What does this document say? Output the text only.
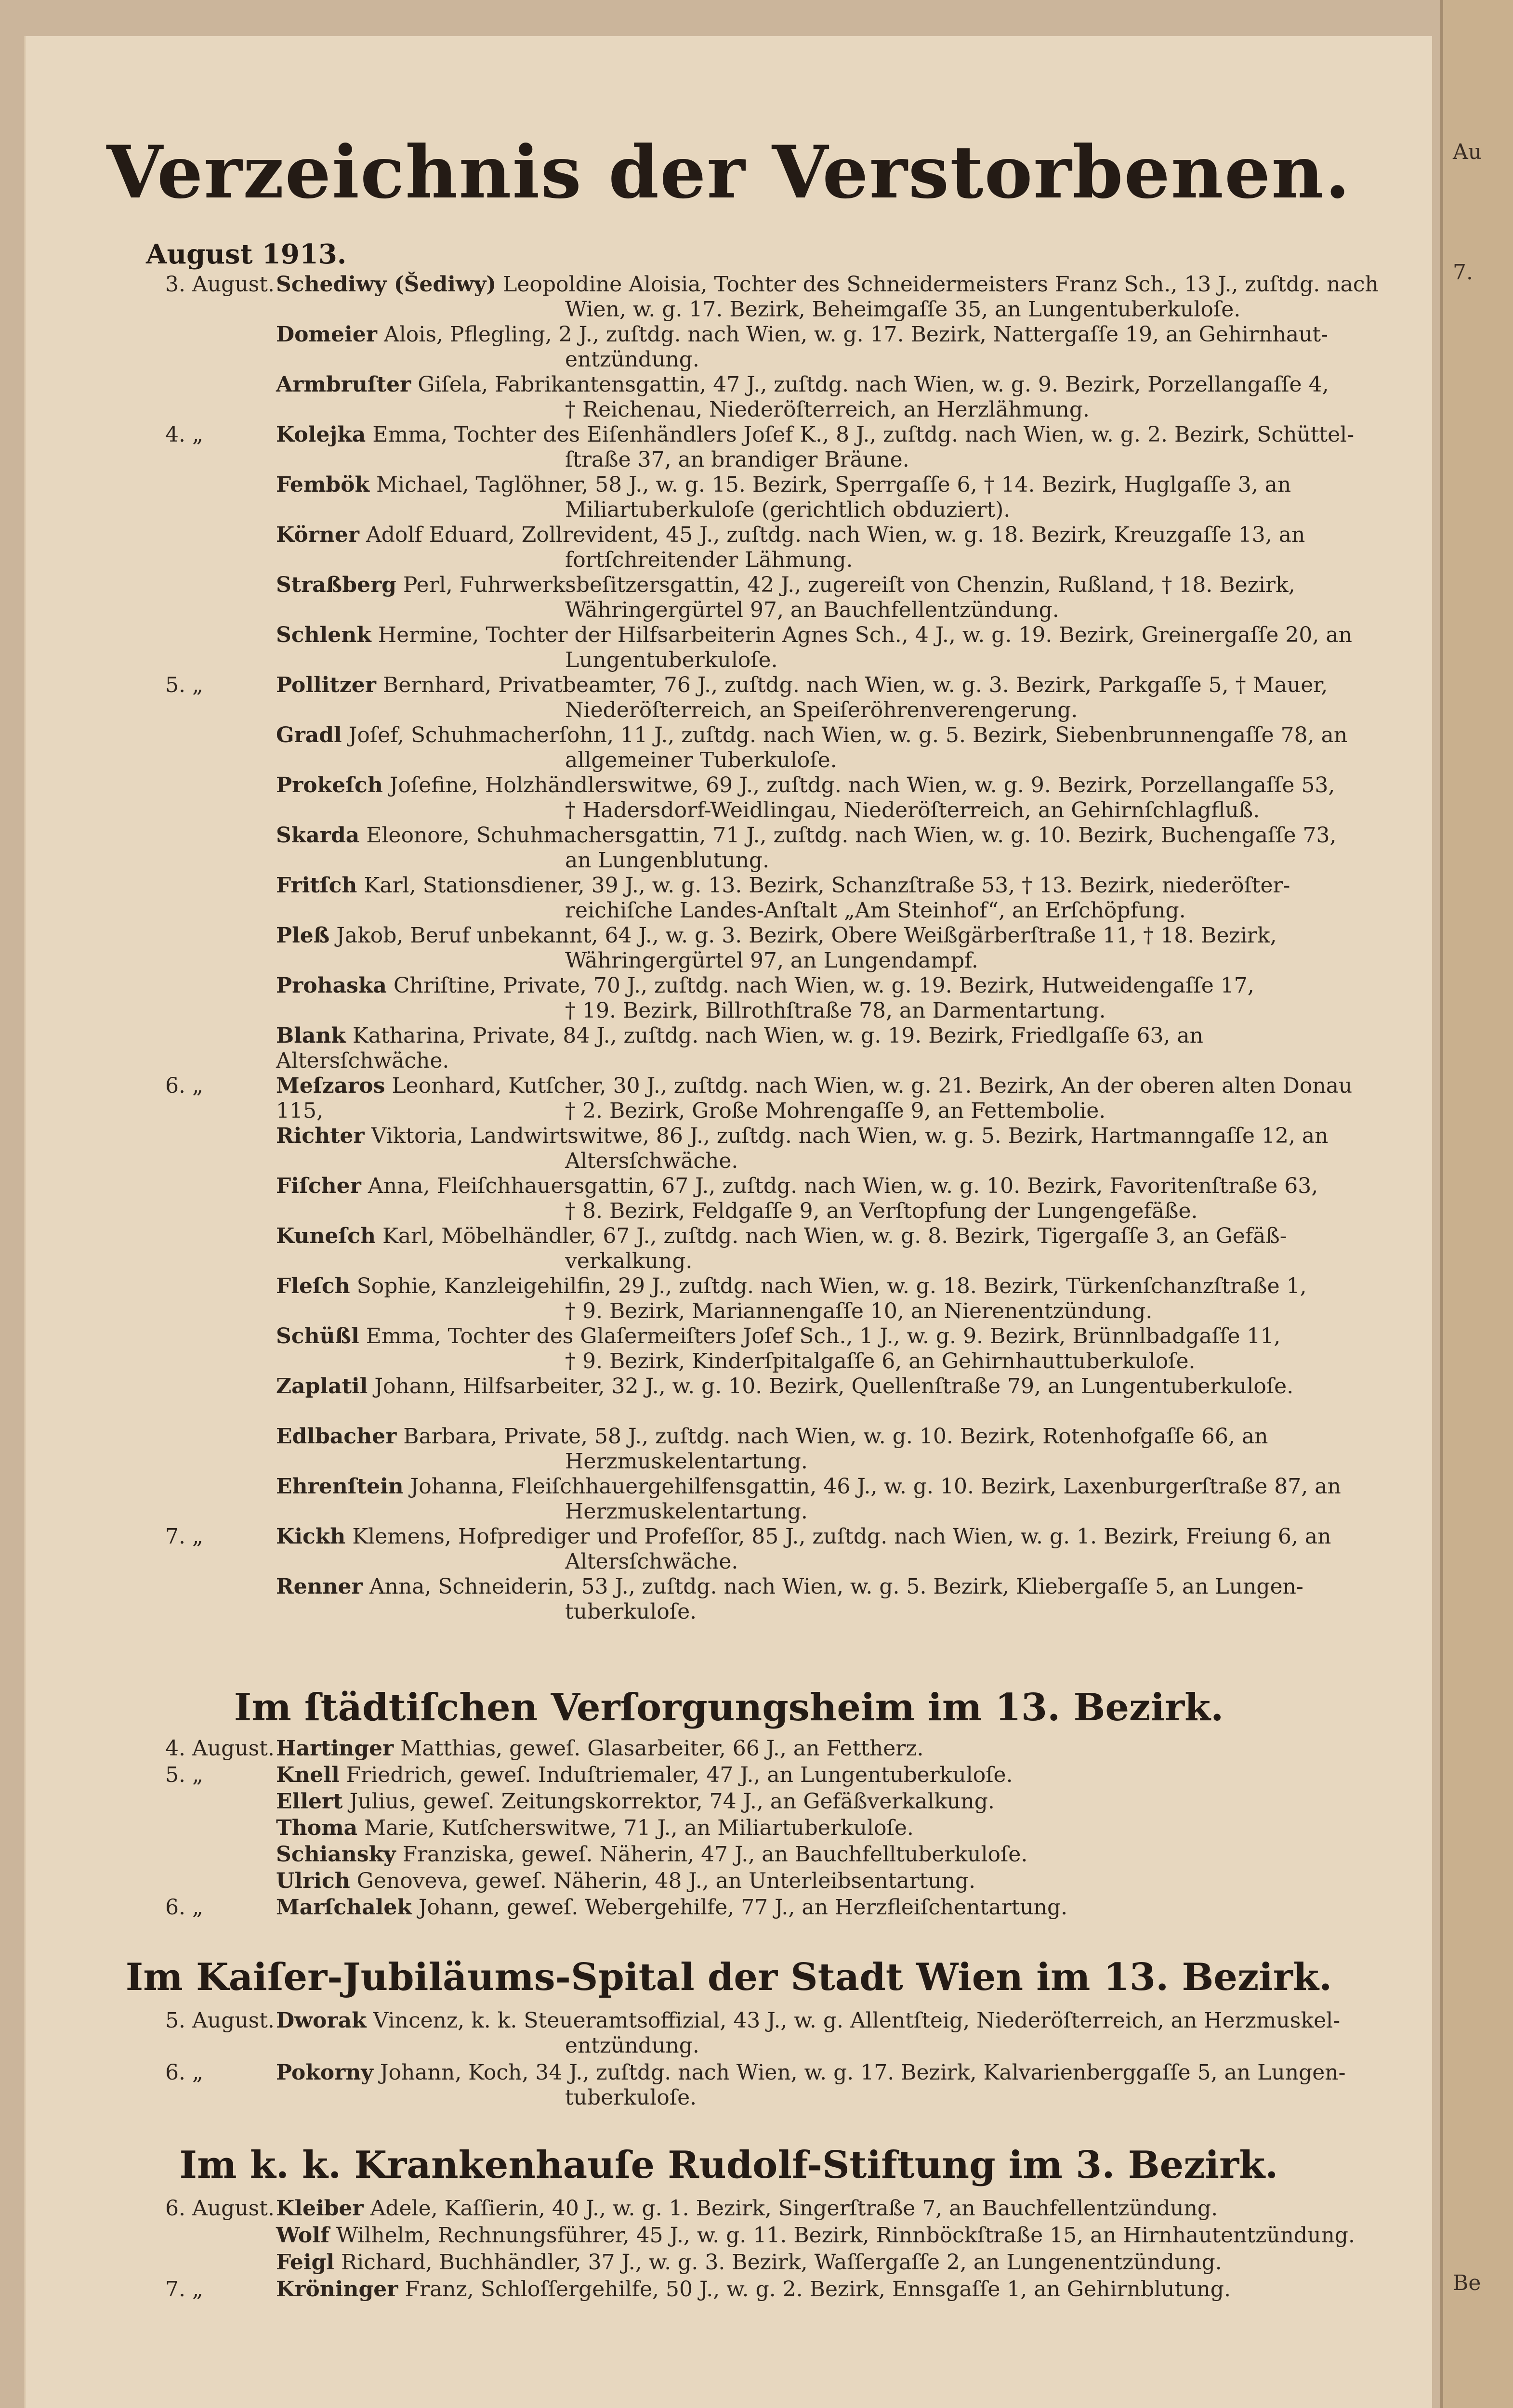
Au
7.
Be
Verzeichnis der Verstorbenen.
August 1913.
3. August. Schediwy (Šediwy) Leopoldine Aloisia, Tochter des Schneidermeisters Franz Sch., 13 J., zuſtdg. nach
Wien, w. g. 17. Bezirk, Beheimgaſſe 35, an Lungentuberkuloſe.
Domeier Alois, Pflegling, 2 J., zuſtdg. nach Wien, w. g. 17. Bezirk, Nattergaſſe 19, an Gehirnhaut-
entzündung.
Armbruſter Giſela, Fabrikantensgattin, 47 J., zuſtdg. nach Wien, w. g. 9. Bezirk, Porzellangaſſe 4,
† Reichenau, Niederöſterreich, an Herzlähmung.
4. „	Kolejka Emma, Tochter des Eiſenhändlers Joſef K., 8 J., zuſtdg. nach Wien, w. g. 2. Bezirk, Schüttel-
ſtraße 37, an brandiger Bräune.
Fembök Michael, Taglöhner, 58 J., w. g. 15. Bezirk, Sperrgaſſe 6, † 14. Bezirk, Huglgaſſe 3, an
Miliartuberkuloſe (gerichtlich obduziert).
Körner Adolf Eduard, Zollrevident, 45 J., zuſtdg. nach Wien, w. g. 18. Bezirk, Kreuzgaſſe 13, an
fortſchreitender Lähmung.
Straßberg Perl, Fuhrwerksbeſitzersgattin, 42 J., zugereiſt von Chenzin, Rußland, † 18. Bezirk,
Währingergürtel 97, an Bauchfellentzündung.
Schlenk Hermine, Tochter der Hilfsarbeiterin Agnes Sch., 4 J., w. g. 19. Bezirk, Greinergaſſe 20, an
Lungentuberkuloſe.
5. „	Pollitzer Bernhard, Privatbeamter, 76 J., zuſtdg. nach Wien, w. g. 3. Bezirk, Parkgaſſe 5, † Mauer,
Niederöſterreich, an Speiſeröhrenverengerung.
Gradl Joſef, Schuhmacherſohn, 11 J., zuſtdg. nach Wien, w. g. 5. Bezirk, Siebenbrunnengaſſe 78, an
allgemeiner Tuberkuloſe.
Prokeſch Joſefine, Holzhändlerswitwe, 69 J., zuſtdg. nach Wien, w. g. 9. Bezirk, Porzellangaſſe 53,
† Hadersdorf-Weidlingau, Niederöſterreich, an Gehirnſchlagfluß.
Skarda Eleonore, Schuhmachersgattin, 71 J., zuſtdg. nach Wien, w. g. 10. Bezirk, Buchengaſſe 73,
an Lungenblutung.
Fritſch Karl, Stationsdiener, 39 J., w. g. 13. Bezirk, Schanzſtraße 53, † 13. Bezirk, niederöſter-
reichiſche Landes-Anſtalt „Am Steinhof“, an Erſchöpfung.
Pleß Jakob, Beruf unbekannt, 64 J., w. g. 3. Bezirk, Obere Weißgärberſtraße 11, † 18. Bezirk,
Währingergürtel 97, an Lungendampf.
Prohaska Chriſtine, Private, 70 J., zuſtdg. nach Wien, w. g. 19. Bezirk, Hutweidengaſſe 17,
† 19. Bezirk, Billrothſtraße 78, an Darmentartung.
Blank Katharina, Private, 84 J., zuſtdg. nach Wien, w. g. 19. Bezirk, Friedlgaſſe 63, an Altersſchwäche.
6. „	Meſzaros Leonhard, Kutſcher, 30 J., zuſtdg. nach Wien, w. g. 21. Bezirk, An der oberen alten Donau 115,	† 2. Bezirk, Große Mohrengaſſe 9, an Fettembolie.
Richter Viktoria, Landwirtswitwe, 86 J., zuſtdg. nach Wien, w. g. 5. Bezirk, Hartmanngaſſe 12, an
Altersſchwäche.
Fiſcher Anna, Fleiſchhauersgattin, 67 J., zuſtdg. nach Wien, w. g. 10. Bezirk, Favoritenſtraße 63,
† 8. Bezirk, Feldgaſſe 9, an Verſtopfung der Lungengefäße.
Kuneſch Karl, Möbelhändler, 67 J., zuſtdg. nach Wien, w. g. 8. Bezirk, Tigergaſſe 3, an Gefäß-
verkalkung.
Fleſch Sophie, Kanzleigehilfin, 29 J., zuſtdg. nach Wien, w. g. 18. Bezirk, Türkenſchanzſtraße 1,
† 9. Bezirk, Mariannengaſſe 10, an Nierenentzündung.
Schüßl Emma, Tochter des Glaſermeiſters Joſef Sch., 1 J., w. g. 9. Bezirk, Brünnlbadgaſſe 11,
† 9. Bezirk, Kinderſpitalgaſſe 6, an Gehirnhauttuberkuloſe.
Zaplatil Johann, Hilfsarbeiter, 32 J., w. g. 10. Bezirk, Quellenſtraße 79, an Lungentuberkuloſe.
Edlbacher Barbara, Private, 58 J., zuſtdg. nach Wien, w. g. 10. Bezirk, Rotenhofgaſſe 66, an
Herzmuskelentartung.
Ehrenſtein Johanna, Fleiſchhauergehilfensgattin, 46 J., w. g. 10. Bezirk, Laxenburgerſtraße 87, an
Herzmuskelentartung.
7. „	Kickh Klemens, Hofprediger und Profeſſor, 85 J., zuſtdg. nach Wien, w. g. 1. Bezirk, Freiung 6, an
Altersſchwäche.
Renner Anna, Schneiderin, 53 J., zuſtdg. nach Wien, w. g. 5. Bezirk, Kliebergaſſe 5, an Lungen-
tuberkuloſe.
Im ſtädtiſchen Verſorgungsheim im 13. Bezirk.
4. August. Hartinger Matthias, geweſ. Glasarbeiter, 66 J., an Fettherz.
5. „	Knell Friedrich, geweſ. Induſtriemaler, 47 J., an Lungentuberkuloſe.
Ellert Julius, geweſ. Zeitungskorrektor, 74 J., an Gefäßverkalkung.
Thoma Marie, Kutſcherswitwe, 71 J., an Miliartuberkuloſe.
Schiansky Franziska, geweſ. Näherin, 47 J., an Bauchfelltuberkuloſe.
Ulrich Genoveva, geweſ. Näherin, 48 J., an Unterleibsentartung.
6. „	Marſchalek Johann, geweſ. Webergehilfe, 77 J., an Herzfleiſchentartung.
Im Kaiſer-Jubiläums-Spital der Stadt Wien im 13. Bezirk.
5. August. Dworak Vincenz, k. k. Steueramtsoffizial, 43 J., w. g. Allentſteig, Niederöſterreich, an Herzmuskel-
entzündung.
6. „	Pokorny Johann, Koch, 34 J., zuſtdg. nach Wien, w. g. 17. Bezirk, Kalvarienberggaſſe 5, an Lungen-
tuberkuloſe.
Im k. k. Krankenhauſe Rudolf-Stiftung im 3. Bezirk.
6. August. Kleiber Adele, Kaſſierin, 40 J., w. g. 1. Bezirk, Singerſtraße 7, an Bauchfellentzündung.
Wolf Wilhelm, Rechnungsführer, 45 J., w. g. 11. Bezirk, Rinnböckſtraße 15, an Hirnhautentzündung.
Feigl Richard, Buchhändler, 37 J., w. g. 3. Bezirk, Waſſergaſſe 2, an Lungenentzündung.
7. „	Kröninger Franz, Schloſſergehilfe, 50 J., w. g. 2. Bezirk, Ennsgaſſe 1, an Gehirnblutung.
